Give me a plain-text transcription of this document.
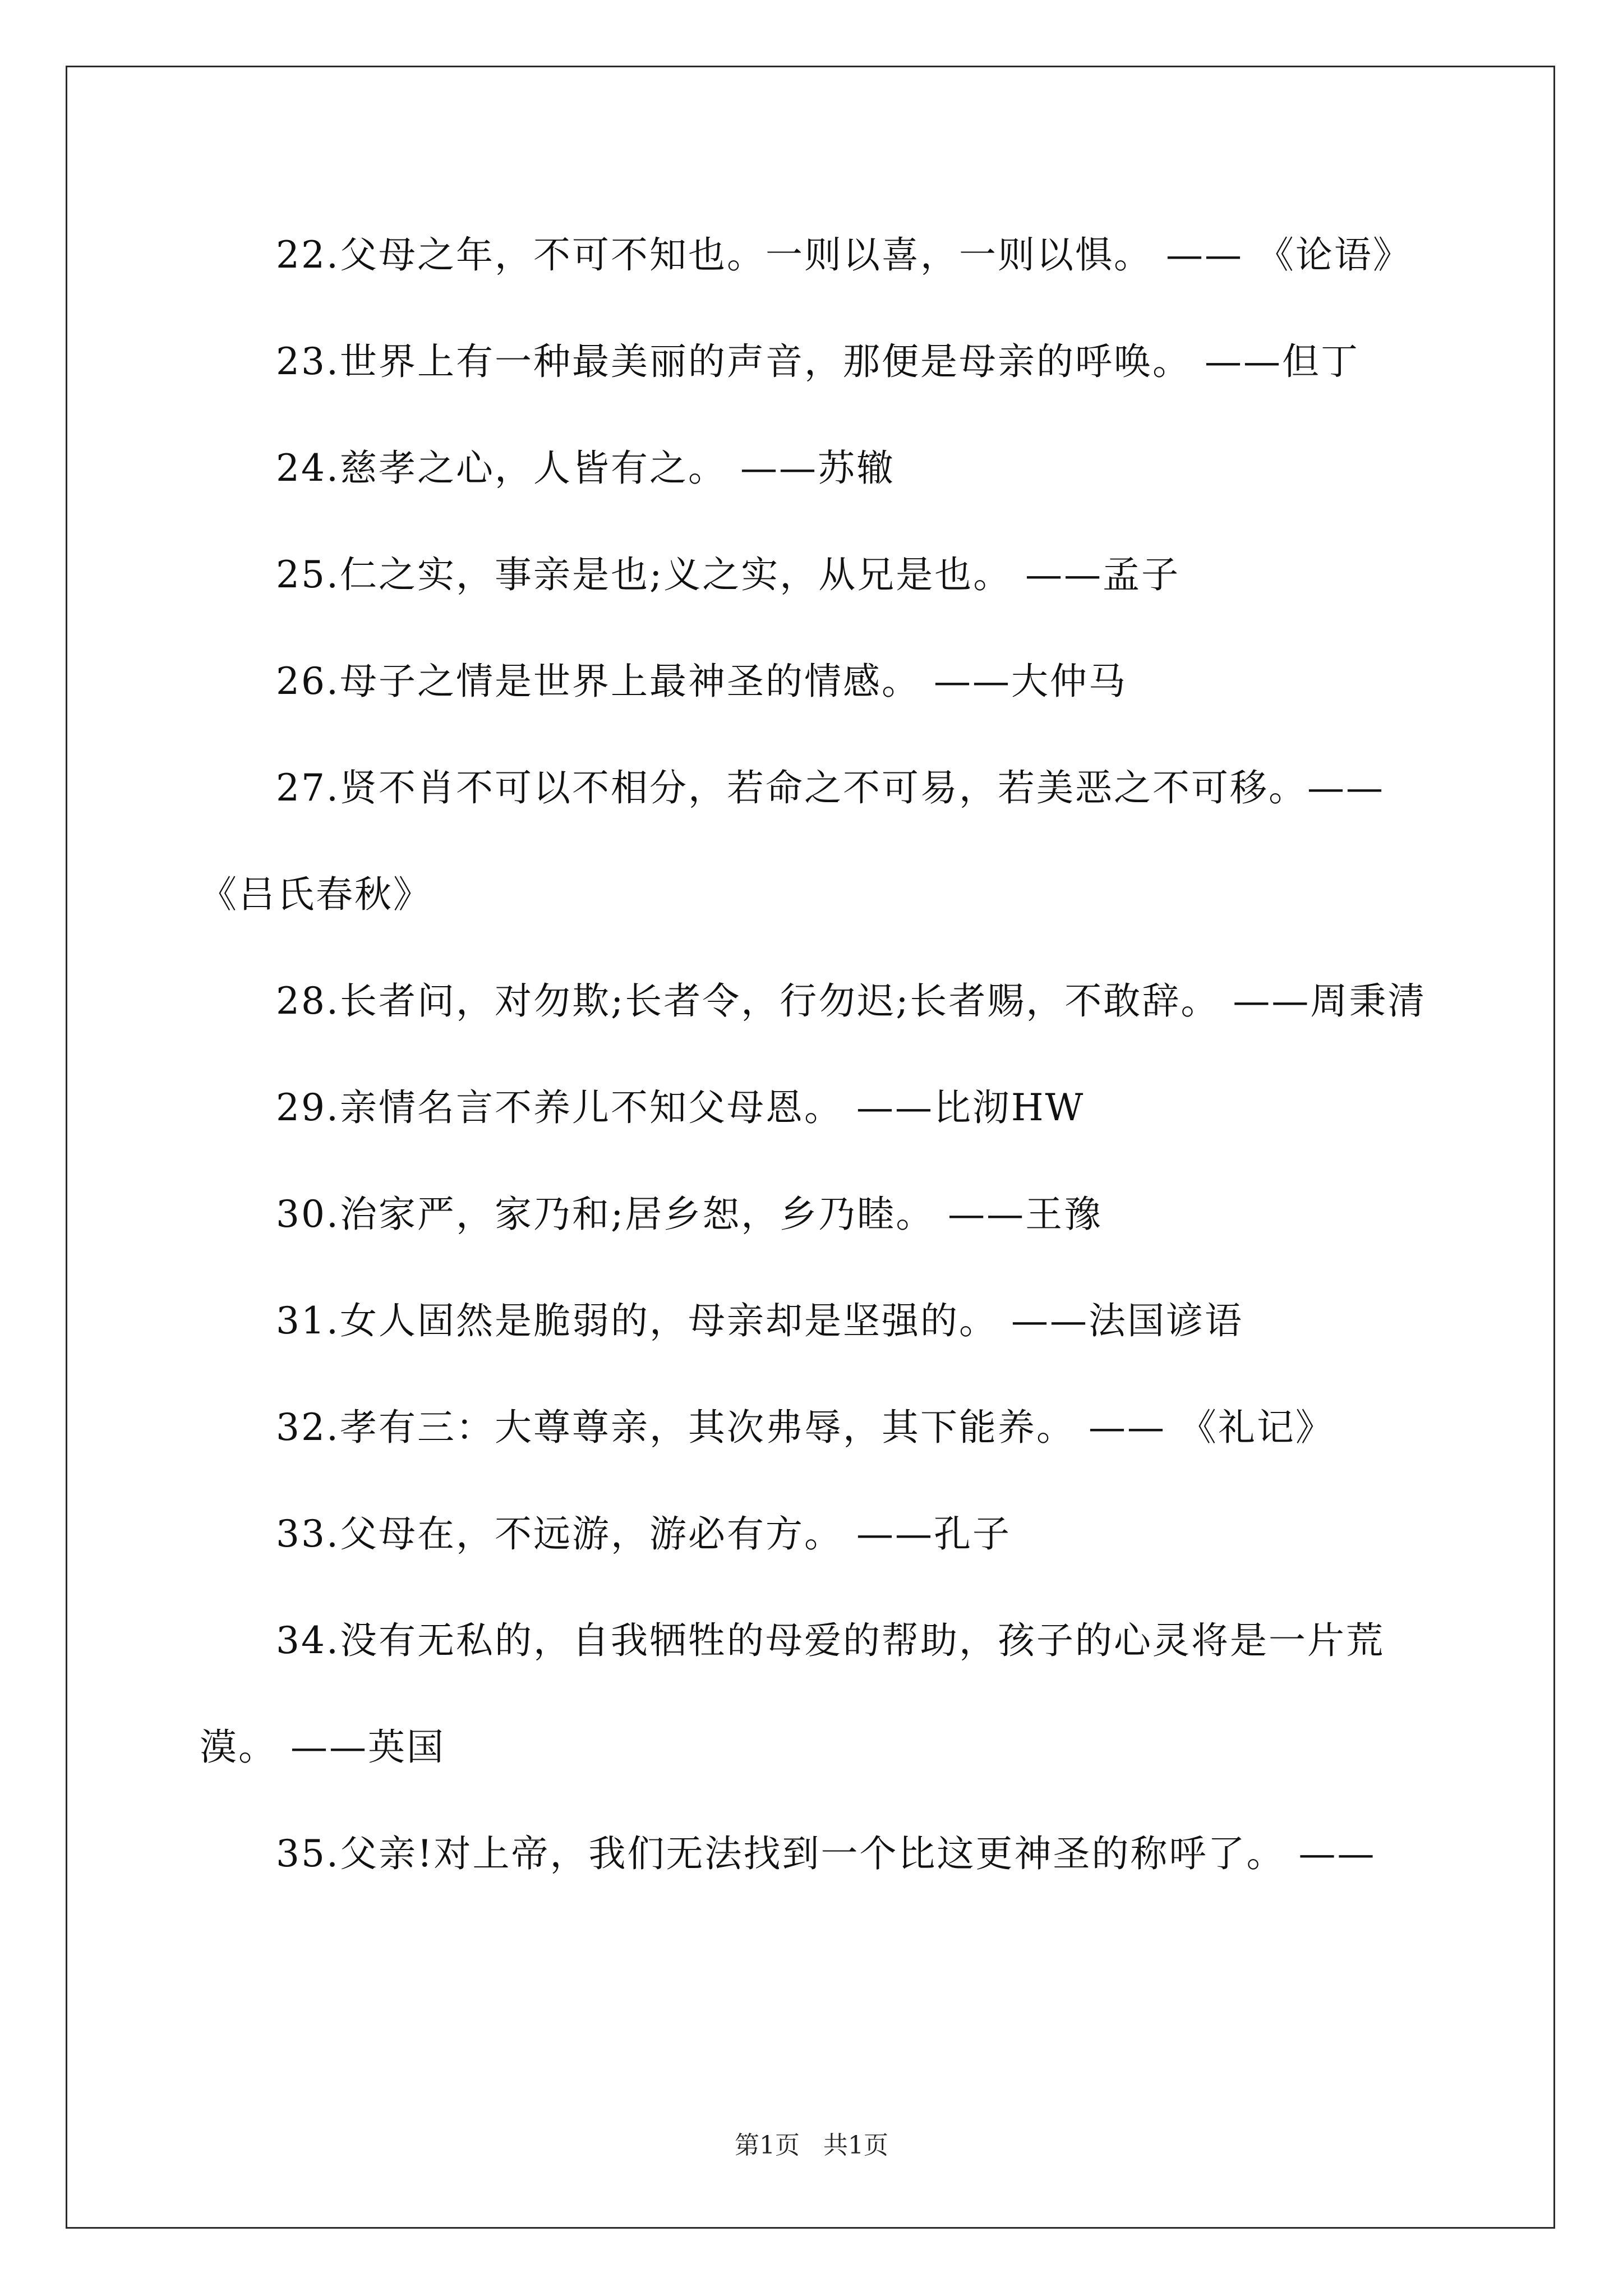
22.父母之年，不可不知也。一则以喜，一则以惧。 —— 《论语》

23.世界上有一种最美丽的声音，那便是母亲的呼唤。 ——但丁

24.慈孝之心，人皆有之。 ——苏辙

25.仁之实，事亲是也;义之实，从兄是也。 ——孟子

26.母子之情是世界上最神圣的情感。 ——大仲马

27.贤不肖不可以不相分，若命之不可易，若美恶之不可移。——《吕氏春秋》

28.长者问，对勿欺;长者令，行勿迟;长者赐，不敢辞。 ——周秉清

29.亲情名言不养儿不知父母恩。 ——比沏HW

30.治家严，家乃和;居乡恕，乡乃睦。 ——王豫

31.女人固然是脆弱的，母亲却是坚强的。 ——法国谚语

32.孝有三：大尊尊亲，其次弗辱，其下能养。 —— 《礼记》

33.父母在，不远游，游必有方。 ——孔子

34.没有无私的，自我牺牲的母爱的帮助，孩子的心灵将是一片荒漠。 ——英国

35.父亲!对上帝，我们无法找到一个比这更神圣的称呼了。 ——

第1页   共1页
